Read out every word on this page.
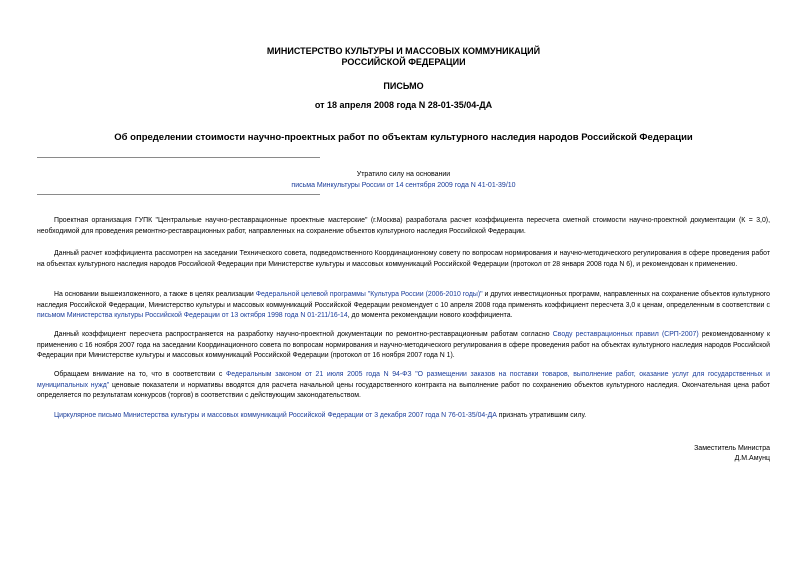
МИНИСТЕРСТВО КУЛЬТУРЫ И МАССОВЫХ КОММУНИКАЦИЙ
РОССИЙСКОЙ ФЕДЕРАЦИИ
ПИСЬМО
от 18 апреля 2008 года N 28-01-35/04-ДА
Об определении стоимости научно-проектных работ по объектам культурного наследия народов Российской Федерации
Утратило силу на основании
письма Минкультуры России от 14 сентября 2009 года N 41-01-39/10
Проектная организация ГУПК "Центральные научно-реставрационные проектные мастерские" (г.Москва) разработала расчет коэффициента пересчета сметной стоимости научно-проектной документации (К = 3,0), необходимой для проведения ремонтно-реставрационных работ, направленных на сохранение объектов культурного наследия Российской Федерации.
Данный расчет коэффициента рассмотрен на заседании Технического совета, подведомственного Координационному совету по вопросам нормирования и научно-методического регулирования в сфере проведения работ на объектах культурного наследия народов Российской Федерации при Министерстве культуры и массовых коммуникаций Российской Федерации (протокол от 28 января 2008 года N 6), и рекомендован к применению.
На основании вышеизложенного, а также в целях реализации Федеральной целевой программы "Культура России (2006-2010 годы)" и других инвестиционных программ, направленных на сохранение объектов культурного наследия Российской Федерации, Министерство культуры и массовых коммуникаций Российской Федерации рекомендует с 10 апреля 2008 года применять коэффициент пересчета 3,0 к ценам, определенным в соответствии с письмом Министерства культуры Российской Федерации от 13 октября 1998 года N 01-211/16-14, до момента рекомендации нового коэффициента.
Данный коэффициент пересчета распространяется на разработку научно-проектной документации по ремонтно-реставрационным работам согласно Своду реставрационных правил (СРП-2007) рекомендованному к применению с 16 ноября 2007 года на заседании Координационного совета по вопросам нормирования и научно-методического регулирования в сфере проведения работ на объектах культурного наследия народов Российской Федерации при Министерстве культуры и массовых коммуникаций Российской Федерации (протокол от 16 ноября 2007 года N 1).
Обращаем внимание на то, что в соответствии с Федеральным законом от 21 июля 2005 года N 94-ФЗ "О размещении заказов на поставки товаров, выполнение работ, оказание услуг для государственных и муниципальных нужд" ценовые показатели и нормативы вводятся для расчета начальной цены государственного контракта на выполнение работ по сохранению объектов культурного наследия. Окончательная цена работ определяется по результатам конкурсов (торгов) в соответствии с действующим законодательством.
Циркулярное письмо Министерства культуры и массовых коммуникаций Российской Федерации от 3 декабря 2007 года N 76-01-35/04-ДА признать утратившим силу.
Заместитель Министра
Д.М.Амунц
